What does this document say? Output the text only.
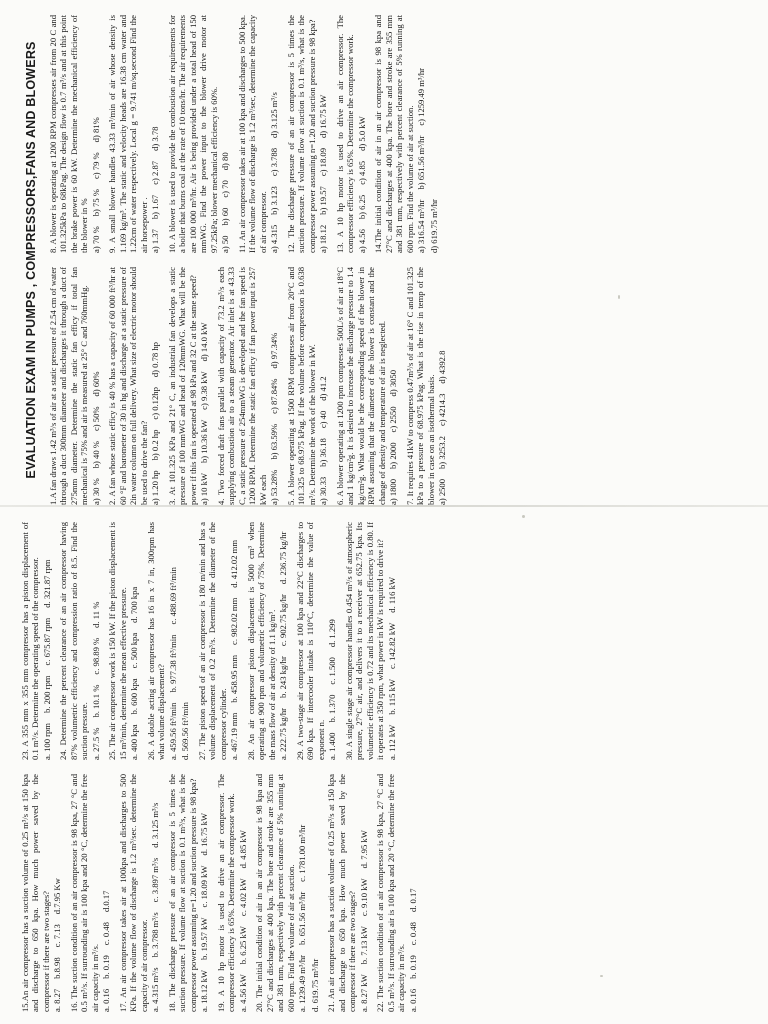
EVALUATION EXAM IN PUMPS , COMPRESSORS,FANS AND BLOWERS 1.A fan draws 1.42 m³/s of air at a static pressure of 2.54 cm of water through a duct 300mm diameter and discharges it through a duct of 275mm diameter. Determine the static fan efficy if total fan mechanical is 75% and air is measured at 25° C and 760mmHg. a) 30 %
b) 40 %
c) 50%
d) 60% 2. A fan whose static efficy is 40 % has a capacity of 60 000 ft³/hr at 60 °F and barometer of 30 in hg and discharge at a static pressure of 2in water column on full delivery. What size of electric motor should be used to drive the fan? a) 1.20 hp
b) 0.2 hp
c) 0.12hp
d) 0.78 hp 3. At 101.325 KPa and 21° C, an industrial fan develops a static pressure of 100 mmWG and head of 120mmWG. What will be the power if this fan is operated at 98 kPa and 32 C at the same speed? a) 10 kW
b) 10.36 kW
c) 9.38 kW
d) 14.0 kW 4. Two forced draft fans parallel with capacity of 73.2 m³/s each supplying combustion air to a steam generator. Air inlet is at 43.33 C, a static pressure of 254mmWG is developed and the fan speed is 1200 RPM. Determine the static fan efficy if fan power input is 257 kW each a) 53.28%
b) 63.59%
c) 87.84%
d) 97.34% 5. A blower operating at 1500 RPM compresses air from 20°C and 101.325 to 68.975 kPag. If the volume before compression is 0.638 m³/s. Determine the work of the blower in kW. a) 30.33
b) 36.18
c) 40
d) 41.2 6. A blower operating at 1200 rpm compresses 500L/s of air at 18°C and 1 kg/cm²g. It is desired to increase the discharge pressure to 1.4 kg/cm²g. What would be the corresponding speed of the blower in RPM assuming that the diameter of the blower is constant and the change of density and temperature of air is neglected. a) 1800
b) 2000
c) 2550
d) 3050 7. It requires 41kW to compress 0.47m³/s of air at 16° C and 101.325 kPa to a pressure of 68.975 kPag. What is the rise in temp of the blower in case on an isothermal basis. a) 2500
b) 3253.2
c) 4214.3
d) 4392.8
8. A blower is operating at 1200 RPM compresses air from 20 C and 101.325kPa to 68kPag. The design flow is 0.7 m³/s and at this point the brake power is 60 kW. Determine the mechanical efficiency of the blower in % a) 70 %
b) 75 %
c) 79 %
d) 81% 9. A small blower handles 43.33 m³/min of air whose density is 1.169 kg/m³. The static and velocity heads are 16.38 cm water and 1.22cm of water respectively. Local g = 9.741 m/sq.second Find the air horsepower . a) 1.37
b) 1.67
c) 2.87
d) 3.78 10. A blower is used to provide the combustion air requirements for a boiler that burns coal at the rate of 10 tons/hr. The air requirements are 100 000 m³/hr. Air is being provided under a total head of 150 mmWG. Find the power input to the blower drive motor at 97.25kPa; blower mechanical efficiency is 60%. a) 50
b) 60
c) 70
d) 80 11. An air compressor takes air at 100 kpa and discharges to 500 kpa. If the volume flow of discharge is 1.2 m³/sec, determine the capacity of air compressor. a) 4.315
b) 3.123
c) 3.788
d) 3.125 m³/s 12. The discharge pressure of an air compressor is 5 times the suction pressure. If volume flow at suction is 0.1 m³/s, what is the compressor power assuming n=1.20 and suction pressure is 98 kpa? a) 18.12
b) 19.57
c) 18.09
d) 16.75 kW 13. A 10 hp motor is used to drive an air compressor. The compressor efficiency is 65%. Determine the compressor work. a) 4.56
b) 6.25
c) 4.85
d) 5.0 kW 14.The initial condition of air in an air compressor is 98 kpa and 27°C and discharges at 400 kpa. The bore and stroke are 355 mm and 381 mm, respectively with percent clearance of 5% running at 600 rpm. Find the volume of air at suction. a) 316.54 m³/hr
b) 651.56 m³/hr
c) 1259.49 m³/hr
d) 619.75 m³/hr
15.An air compressor has a suction volume of 0.25 m³/s at 150 kpa and discharge to 650 kpa. How much power saved by the compressor if there are two stages? a. 8.27
b.8.98
c. 7.13
d.7.95 Kw 16. The suction condition of an air compressor is 98 kpa, 27 °C and 0.5 m³/s. If surrounding air is 100 kpa and 20 °C, determine the free air capacity in m³/s. a. 0.16
b. 0.19
c. 0.48
d.0.17 17. An air compressor takes air at 100kpa and discharges to 500 KPa. If the volume flow of discharge is 1.2 m³/sec. determine the capacity of air compressor. a. 4.315 m³/s
b. 3.788 m³/s
c. 3.897 m³/s
d. 3.125 m³/s 18. The discharge pressure of an air compressor is 5 times the suction pressure. If volume flow at suction is 0.1 m³/s, what is the compressor power assuming n=1.20 and suction pressure is 98 kpa? a. 18.12 kW
b. 19.57 kW
c. 18.09 kW
d. 16.75 kW 19. A 10 hp motor is used to drive an air compressor. The compressor efficiency is 65%. Determine the compressor work. a. 4.56 kW
b. 6.25 kW
c. 4.02 kW
d. 4.85 kW 20. The initial condition of air in an air compressor is 98 kpa and 27°C and discharges at 400 kpa. The bore and stroke are 355 mm and 381 mm, respectively with percent clearance of 5% running at 600 rpm. Find the volume of air at suction. a. 1239.49 m³/hr
b. 651.56 m³/hr
c. 1781.00 m³/hr
d. 619.75 m³/hr 21. An air compressor has a suction volume of 0.25 m³/s at 150 kpa and discharge to 650 kpa. How much power saved by the compressor if there are two stages? a. 8.27 kW
b. 7.13 kW
c. 9.10 kW
d. 7.95 kW 22. The suction condition of an air compressor is 98 kpa, 27 °C and 0.5 m³/s. If surrounding air is 100 kpa and 20 °C, determine the free air capacity in m³/s. a. 0.16
b. 0.19
c. 0.48
d. 0.17
23. A 355 mm x 355 mm compressor has a piston displacement of 0.1 m³/s. Determine the operating speed of the compressor. a. 100 rpm
b. 200 rpm
c. 675.87 rpm
d. 321.87 rpm 24. Determine the percent clearance of an air compressor having 87% volumetric efficiency and compression ratio of 8.5. Find the suction pressure. a. 27.5 %
b. 10.1 %
c. 98.89 %
d. 11 % 25. The air compressor work is 150 kW. If the piston displacement is 15 m³/min, determine the mean effective pressure. a. 400 kpa
b. 600 kpa
c. 500 kpa
d. 700 kpa 26. A double acting air compressor has 16 in x 7 in, 300rpm has what volume displacement? a. 459.56 ft³/min
b. 977.38 ft³/min
c. 488.69 ft³/min
d. 569.56 ft³/min 27. The piston speed of an air compressor is 180 m/min and has a volume displacement of 0.2 m³/s. Determine the diameter of the compressor cylinder. a. 467.19 mm
b. 458.95 mm
c. 982.02 mm
d. 412.02 mm 28. An air compressor piston displacement is 5000 cm³ when operating at 900 rpm and volumetric efficiency of 75%. Determine the mass flow of air at density of 1.1 kg/m³. a. 222.75 kg/hr
b. 243 kg/hr
c. 902.75 kg/hr
d. 236.75 kg/hr 29. A two-stage air compressor at 100 kpa and 22°C discharges to 690 kpa. If intercooler intake is 110°C, determine the value of exponent n. a. 1.400
b. 1.370
c. 1.500
d. 1.299 30. A single stage air compressor handles 0.454 m³/s of atmospheric pressure, 27°C air, and delivers it to a receiver at 652.75 kpa. Its volumetric efficiency is 0.72 and its mechanical efficiency is 0.80. If it operates at 350 rpm, what power in kW is required to drive it? a. 112 kW
b. 115 kW
c. 142.82 kW
d. 116 kW
